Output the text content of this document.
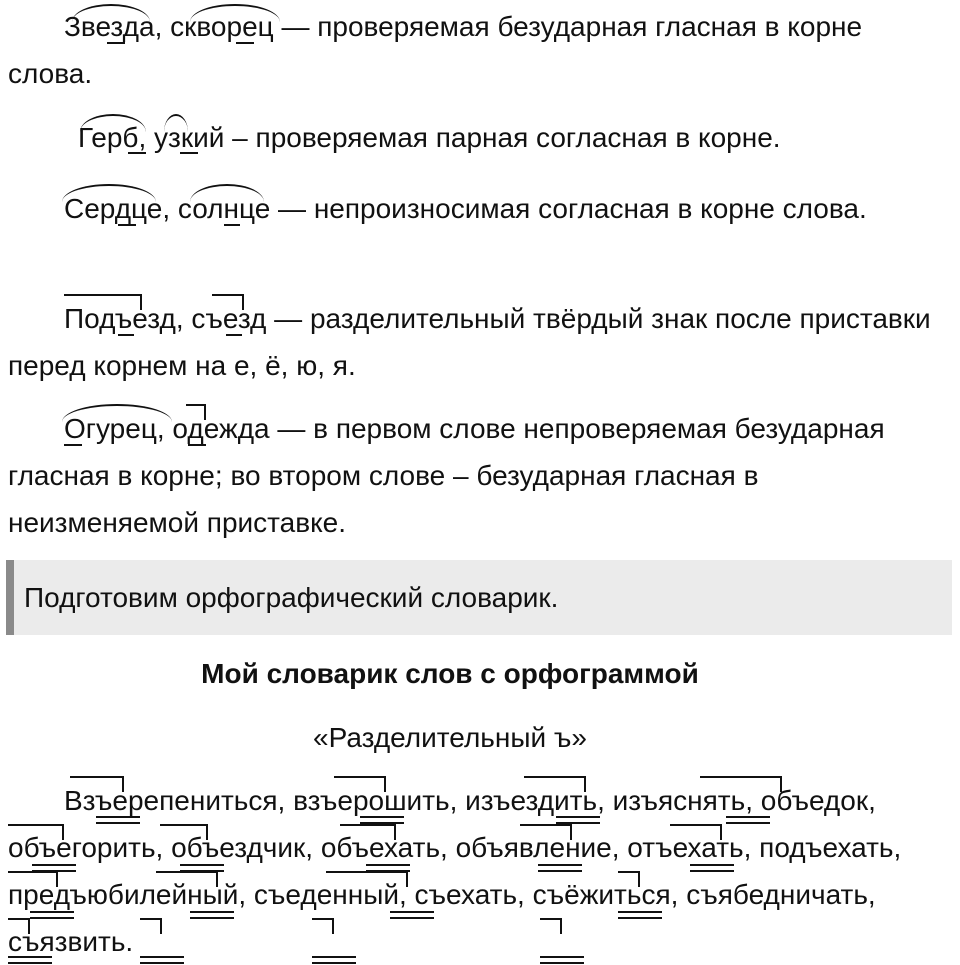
Звезда, скворец — проверяемая безударная гласная в корне слова.

Герб, узкий – проверяемая парная согласная в корне.

Сердце, солнце — непроизносимая согласная в корне слова.

Подъезд, съезд — разделительный твёрдый знак после приставки перед корнем на е, ё, ю, я.

Огурец, одежда — в первом слове непроверяемая безударная гласная в корне; во втором слове – безударная гласная в неизменяемой приставке.

Подготовим орфографический словарик.

Мой словарик слов с орфограммой

«Разделительный ъ»

Взъерепениться, взъерошить, изъездить, изъяснять, объедок, объегорить, объездчик, объехать, объявление, отъехать, подъехать, предъюбилейный, съеденный, съехать, съёжиться, съябедничать, съязвить.
